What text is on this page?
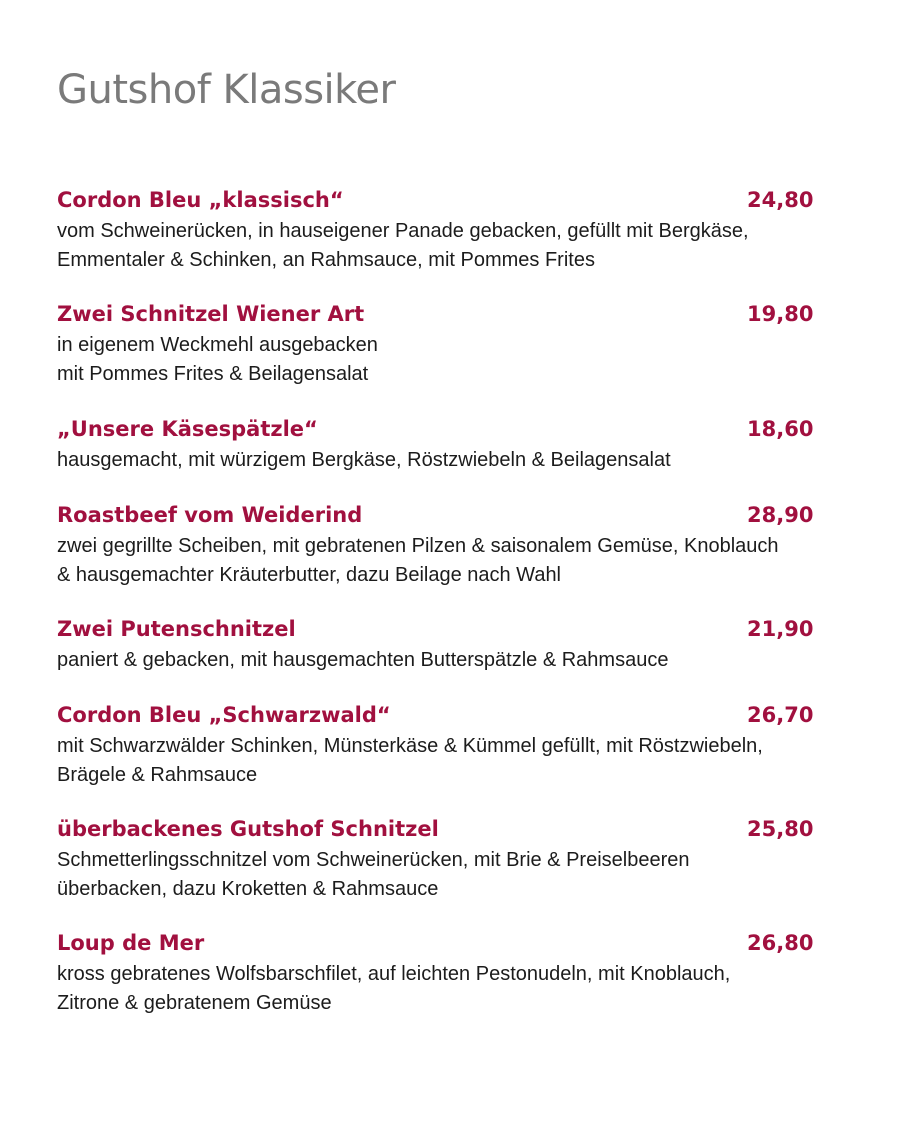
Gutshof Klassiker
Cordon Bleu „klassisch“	24,80

vom Schweinerücken, in hauseigener Panade gebacken, gefüllt mit Bergkäse,

Emmentaler & Schinken, an Rahmsauce, mit Pommes Frites

Zwei Schnitzel Wiener Art	19,80

in eigenem Weckmehl ausgebacken

mit Pommes Frites & Beilagensalat

„Unsere Käsespätzle“	18,60

hausgemacht, mit würzigem Bergkäse, Röstzwiebeln & Beilagensalat

Roastbeef vom Weiderind	28,90

zwei gegrillte Scheiben, mit gebratenen Pilzen & saisonalem Gemüse, Knoblauch

& hausgemachter Kräuterbutter, dazu Beilage nach Wahl

Zwei Putenschnitzel	21,90

paniert & gebacken, mit hausgemachten Butterspätzle & Rahmsauce

Cordon Bleu „Schwarzwald“	26,70

mit Schwarzwälder Schinken, Münsterkäse & Kümmel gefüllt, mit Röstzwiebeln,

Brägele & Rahmsauce

überbackenes Gutshof Schnitzel	25,80

Schmetterlingsschnitzel vom Schweinerücken, mit Brie & Preiselbeeren

überbacken, dazu Kroketten & Rahmsauce

Loup de Mer	26,80

kross gebratenes Wolfsbarschfilet, auf leichten Pestonudeln, mit Knoblauch,

Zitrone & gebratenem Gemüse
